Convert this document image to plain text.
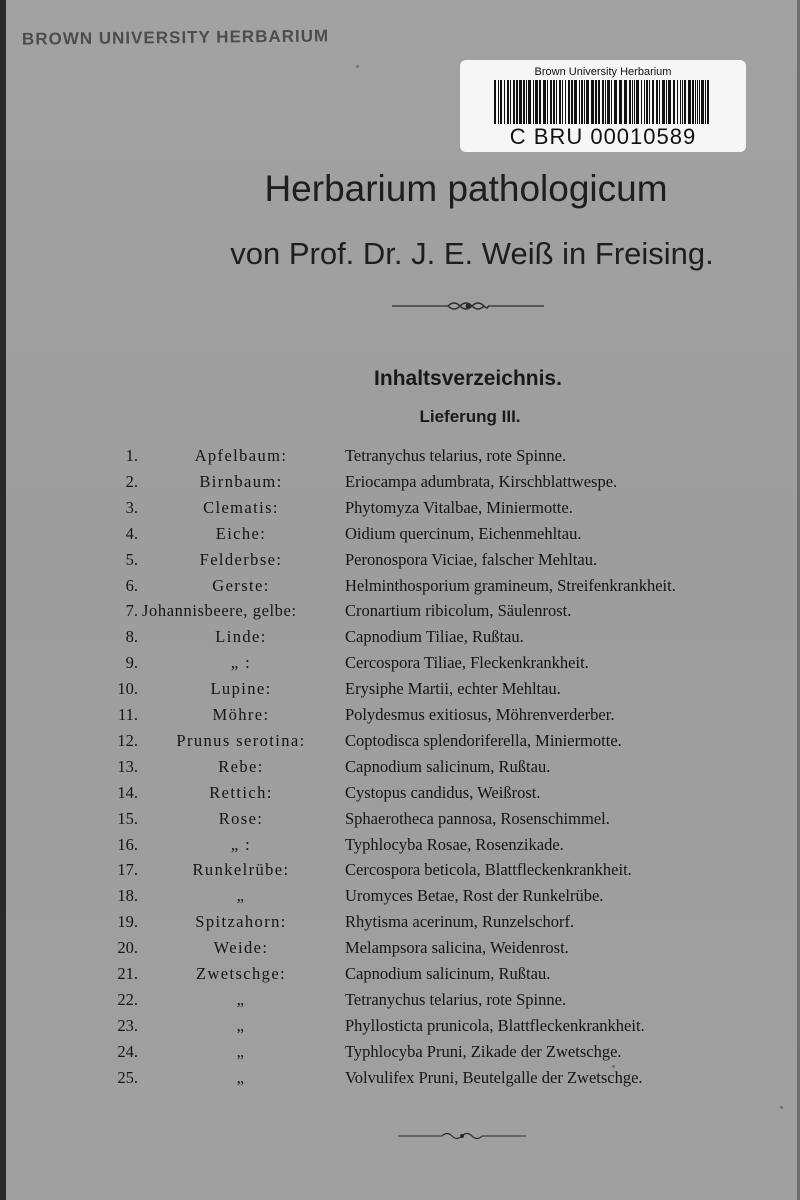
BROWN UNIVERSITY HERBARIUM
Brown University Herbarium
C BRU 00010589
Herbarium pathologicum
von Prof. Dr. J. E. Weiß in Freising.
Inhaltsverzeichnis.
Lieferung III.
1.	Apfelbaum:	Tetranychus telarius, rote Spinne.
2.	Birnbaum:	Eriocampa adumbrata, Kirschblattwespe.
3.	Clematis:	Phytomyza Vitalbae, Miniermotte.
4.	Eiche:	Oidium quercinum, Eichenmehltau.
5.	Felderbse:	Peronospora Viciae, falscher Mehltau.
6.	Gerste:	Helminthosporium gramineum, Streifenkrankheit.
7. Johannisbeere, gelbe:	Cronartium ribicolum, Säulenrost.
8.	Linde:	Capnodium Tiliae, Rußtau.
9.	„ :	Cercospora Tiliae, Fleckenkrankheit.
10.	Lupine:	Erysiphe Martii, echter Mehltau.
11.	Möhre:	Polydesmus exitiosus, Möhrenverderber.
12.	Prunus serotina:	Coptodisca splendoriferella, Miniermotte.
13.	Rebe:	Capnodium salicinum, Rußtau.
14.	Rettich:	Cystopus candidus, Weißrost.
15.	Rose:	Sphaerotheca pannosa, Rosenschimmel.
16.	„ :	Typhlocyba Rosae, Rosenzikade.
17.	Runkelrübe:	Cercospora beticola, Blattfleckenkrankheit.
18.	„	Uromyces Betae, Rost der Runkelrübe.
19.	Spitzahorn:	Rhytisma acerinum, Runzelschorf.
20.	Weide:	Melampsora salicina, Weidenrost.
21.	Zwetschge:	Capnodium salicinum, Rußtau.
22.	„	Tetranychus telarius, rote Spinne.
23.	„	Phyllosticta prunicola, Blattfleckenkrankheit.
24.	„	Typhlocyba Pruni, Zikade der Zwetschge.
25.	„	Volvulifex Pruni, Beutelgalle der Zwetschge.
